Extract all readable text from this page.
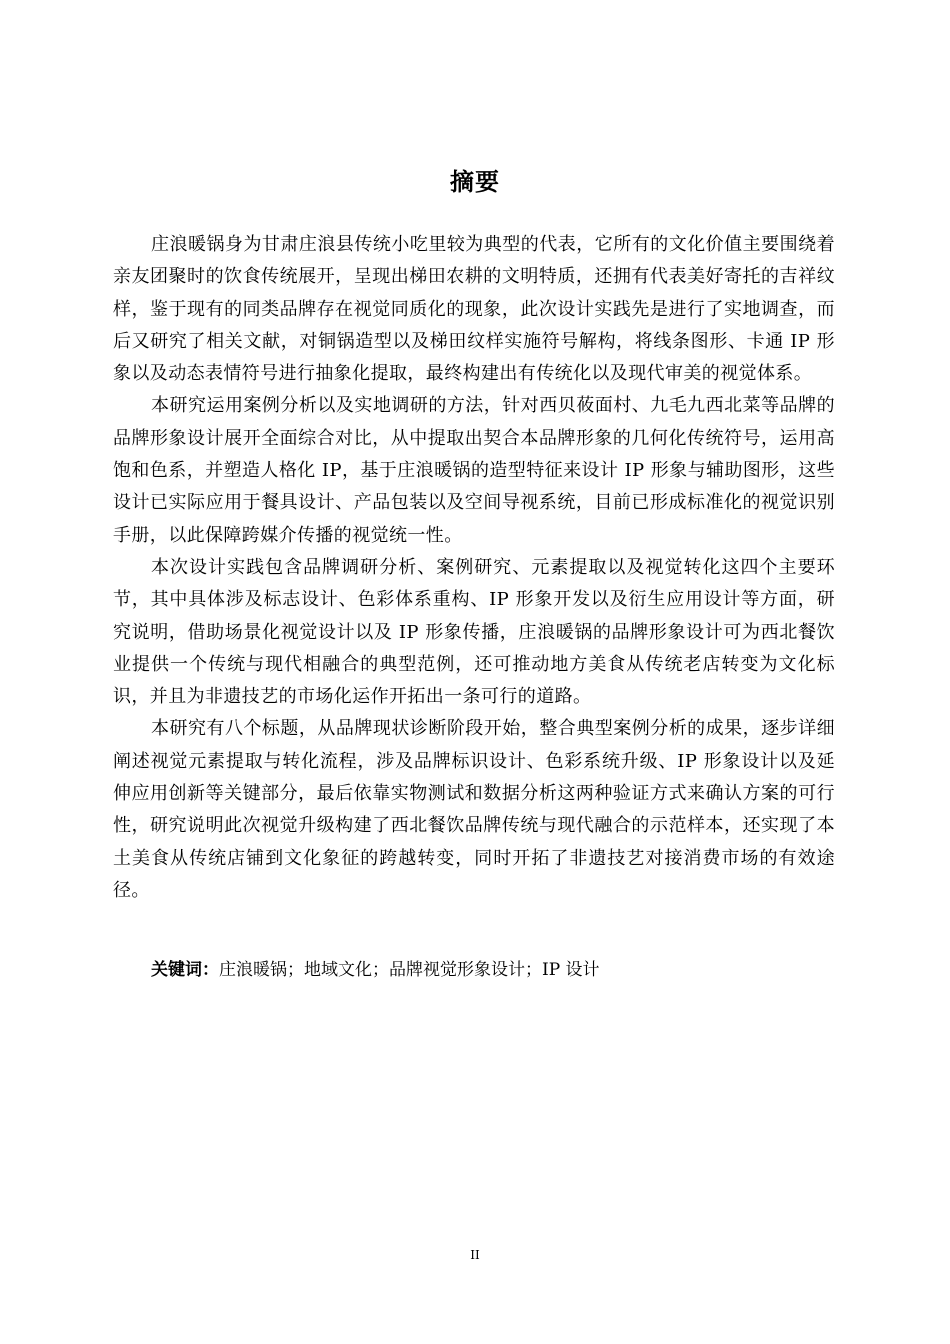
摘要

庄浪暖锅身为甘肃庄浪县传统小吃里较为典型的代表，它所有的文化价值主要围绕着亲友团聚时的饮食传统展开，呈现出梯田农耕的文明特质，还拥有代表美好寄托的吉祥纹样，鉴于现有的同类品牌存在视觉同质化的现象，此次设计实践先是进行了实地调查，而后又研究了相关文献，对铜锅造型以及梯田纹样实施符号解构，将线条图形、卡通 IP 形象以及动态表情符号进行抽象化提取，最终构建出有传统化以及现代审美的视觉体系。

本研究运用案例分析以及实地调研的方法，针对西贝莜面村、九毛九西北菜等品牌的品牌形象设计展开全面综合对比，从中提取出契合本品牌形象的几何化传统符号，运用高饱和色系，并塑造人格化 IP，基于庄浪暖锅的造型特征来设计 IP 形象与辅助图形，这些设计已实际应用于餐具设计、产品包装以及空间导视系统，目前已形成标准化的视觉识别手册，以此保障跨媒介传播的视觉统一性。

本次设计实践包含品牌调研分析、案例研究、元素提取以及视觉转化这四个主要环节，其中具体涉及标志设计、色彩体系重构、IP 形象开发以及衍生应用设计等方面，研究说明，借助场景化视觉设计以及 IP 形象传播，庄浪暖锅的品牌形象设计可为西北餐饮业提供一个传统与现代相融合的典型范例，还可推动地方美食从传统老店转变为文化标识，并且为非遗技艺的市场化运作开拓出一条可行的道路。

本研究有八个标题，从品牌现状诊断阶段开始，整合典型案例分析的成果，逐步详细阐述视觉元素提取与转化流程，涉及品牌标识设计、色彩系统升级、IP 形象设计以及延伸应用创新等关键部分，最后依靠实物测试和数据分析这两种验证方式来确认方案的可行性，研究说明此次视觉升级构建了西北餐饮品牌传统与现代融合的示范样本，还实现了本土美食从传统店铺到文化象征的跨越转变，同时开拓了非遗技艺对接消费市场的有效途径。

关键词：庄浪暖锅；地域文化；品牌视觉形象设计；IP 设计
II
